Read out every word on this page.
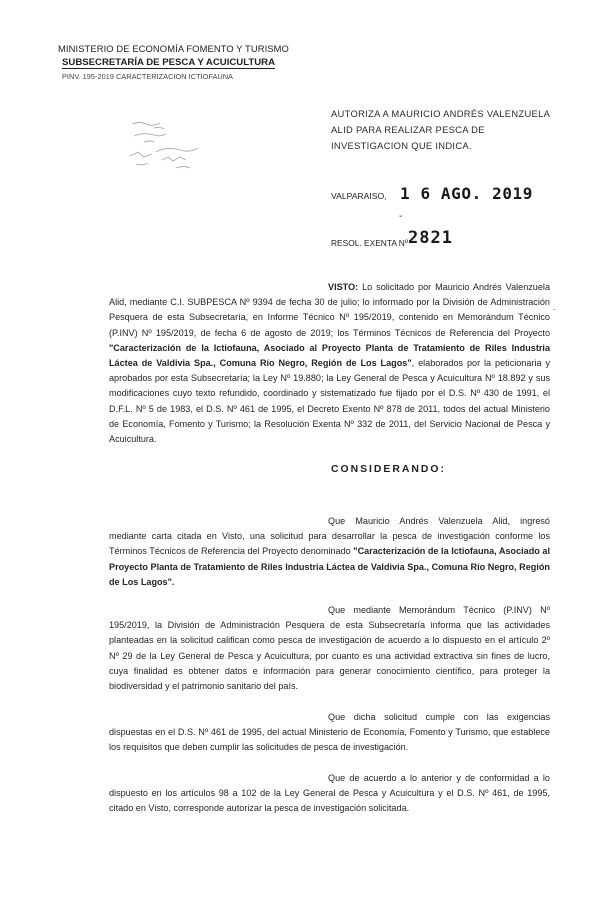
MINISTERIO DE ECONOMÍA FOMENTO Y TURISMO
SUBSECRETARÍA DE PESCA Y ACUICULTURA
PINV. 195-2019 CARACTERIZACION ICTIOFAUNA
AUTORIZA A MAURICIO ANDRÉS VALENZUELA ALID PARA REALIZAR PESCA DE INVESTIGACION QUE INDICA.
VALPARAISO, 1 6 AGO. 2019
-
RESOL. EXENTA Nº 2821
VISTO: Lo solicitado por Mauricio Andrés Valenzuela Alid, mediante C.I. SUBPESCA Nº 9394 de fecha 30 de julio; lo informado por la División de Administración Pesquera de esta Subsecretaría, en Informe Técnico Nº 195/2019, contenido en Memorándum Técnico (P.INV) Nº 195/2019, de fecha 6 de agosto de 2019; los Términos Técnicos de Referencia del Proyecto "Caracterización de la Ictiofauna, Asociado al Proyecto Planta de Tratamiento de Riles Industria Láctea de Valdivia Spa., Comuna Río Negro, Región de Los Lagos", elaborados por la peticionaria y aprobados por esta Subsecretaría; la Ley Nº 19.880; la Ley General de Pesca y Acuicultura Nº 18.892 y sus modificaciones cuyo texto refundido, coordinado y sistematizado fue fijado por el D.S. Nº 430 de 1991, el D.F.L. Nº 5 de 1983, el D.S. Nº 461 de 1995, el Decreto Exento Nº 878 de 2011, todos del actual Ministerio de Economía, Fomento y Turismo; la Resolución Exenta Nº 332 de 2011, del Servicio Nacional de Pesca y Acuicultura.
.
CONSIDERANDO:
Que Mauricio Andrés Valenzuela Alid, ingresó mediante carta citada en Visto, una solicitud para desarrollar la pesca de investigación conforme los Términos Técnicos de Referencia del Proyecto denominado "Caracterización de la Ictiofauna, Asociado al Proyecto Planta de Tratamiento de Riles Industria Láctea de Valdivia Spa., Comuna Río Negro, Región de Los Lagos".
Que mediante Memorándum Técnico (P.INV) Nº 195/2019, la División de Administración Pesquera de esta Subsecretaría informa que las actividades planteadas en la solicitud califican como pesca de investigación de acuerdo a lo dispuesto en el artículo 2º Nº 29 de la Ley General de Pesca y Acuicultura, por cuanto es una actividad extractiva sin fines de lucro, cuya finalidad es obtener datos e información para generar conocimiento científico, para proteger la biodiversidad y el patrimonio sanitario del país.
Que dicha solicitud cumple con las exigencias dispuestas en el D.S. Nº 461 de 1995, del actual Ministerio de Economía, Fomento y Turismo, que establece los requisitos que deben cumplir las solicitudes de pesca de investigación.
Que de acuerdo a lo anterior y de conformidad a lo dispuesto en los artículos 98 a 102 de la Ley General de Pesca y Acuicultura y el D.S. Nº 461, de 1995, citado en Visto, corresponde autorizar la pesca de investigación solicitada.
